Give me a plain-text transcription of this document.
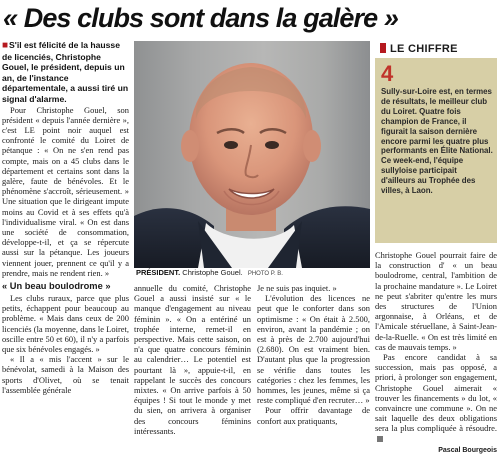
« Des clubs sont dans la galère »

■S'il est félicité de la hausse de licenciés, Christophe Gouel, le président, depuis un an, de l'instance départementale, a aussi tiré un signal d'alarme.

Pour Christophe Gouel, son président « depuis l'année dernière », c'est LE point noir auquel est confronté le comité du Loiret de pétanque : « On ne s'en rend pas compte, mais on a 45 clubs dans le département et certains sont dans la galère, faute de bénévoles. Et le phénomène s'accroît, sérieusement. » Une situation que le dirigeant impute moins au Covid et à ses effets qu'à l'individualisme viral. « On est dans une société de consommation, développe-t-il, et ça se répercute aussi sur la pétanque. Les joueurs viennent jouer, prennent ce qu'il y a prendre, mais ne rendent rien. »

« Un beau boulodrome »

Les clubs ruraux, parce que plus petits, échappent pour beaucoup au problème. « Mais dans ceux de 200 licenciés (la moyenne, dans le Loiret, oscille entre 50 et 60), il n'y a parfois que six bénévoles engagés. »

« Il a « mis l'accent » sur le bénévolat, samedi à la Maison des sports d'Olivet, où se tenait l'assemblée générale

PRÉSIDENT. Christophe Gouel. PHOTO P. B.

annuelle du comité, Christophe Gouel a aussi insisté sur « le manque d'engagement au niveau féminin ». « On a entériné un trophée interne, remet-il en perspective. Mais cette saison, on n'a que quatre concours féminin au calendrier… Le potentiel est pourtant là », appuie-t-il, en rappelant le succès des concours mixtes. « On arrive parfois à 50 équipes ! Si tout le monde y met du sien, on arrivera à organiser des concours féminins intéressants.

Je ne suis pas inquiet. »

L'évolution des licences ne peut que le conforter dans son optimisme : « On était à 2.500, environ, avant la pandémie ; on est à près de 2.700 aujourd'hui (2.680). On est vraiment bien. D'autant plus que la progression se vérifie dans toutes les catégories : chez les femmes, les hommes, les jeunes, même si ça reste compliqué d'en recruter… »

Pour offrir davantage de confort aux pratiquants,

LE CHIFFRE
4
Sully-sur-Loire est, en termes de résultats, le meilleur club du Loiret. Quatre fois champion de France, il figurait la saison dernière encore parmi les quatre plus performants en Élite National. Ce week-end, l'équipe sullyloise participait d'ailleurs au Trophée des villes, à Laon.

Christophe Gouel pourrait faire de la construction d' « un beau boulodrome, central, l'ambition de la prochaine mandature ». Le Loiret ne peut s'abriter qu'entre les murs des structures de l'Union argonnaise, à Orléans, et de l'Amicale stéruellane, à Saint-Jean-de-la-Ruelle. « On est très limité en cas de mauvais temps. »

Pas encore candidat à sa succession, mais pas opposé, a priori, à prolonger son engagement, Christophe Gouel aimerait « trouver les financements » du lot, « convaincre une commune ». On ne sait laquelle des deux obligations sera la plus compliquée à résoudre.

Pascal Bourgeois
